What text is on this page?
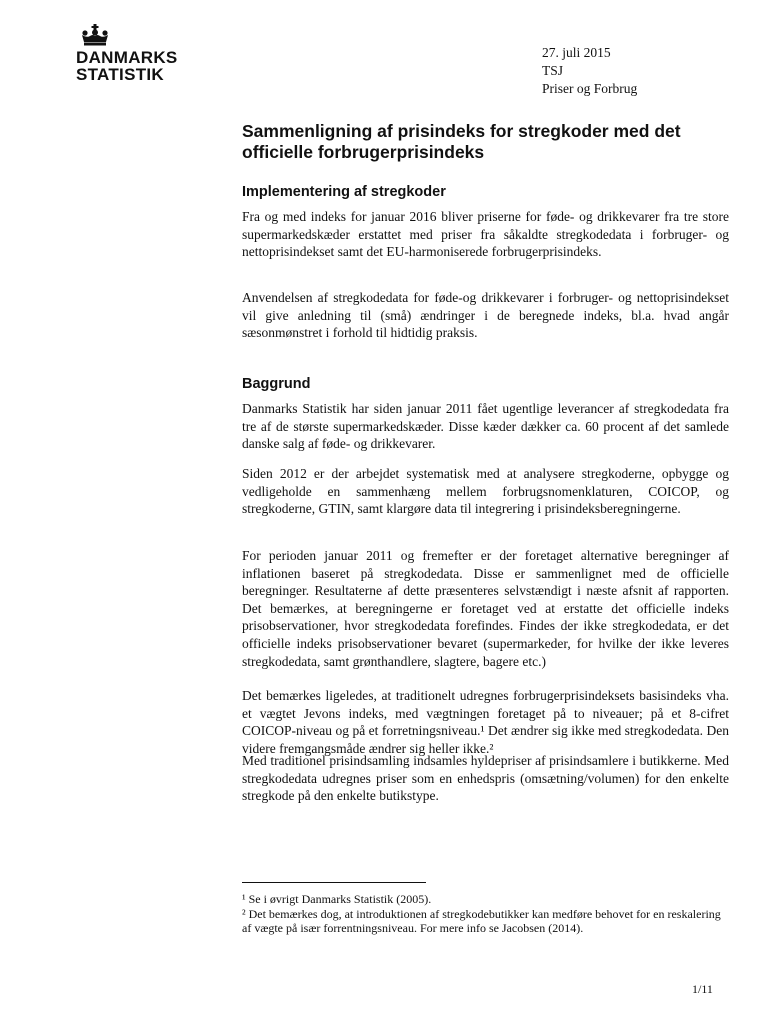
DANMARKS
STATISTIK
27. juli 2015
TSJ
Priser og Forbrug
Sammenligning af prisindeks for stregkoder med det officielle forbrugerprisindeks
Implementering af stregkoder

Fra og med indeks for januar 2016 bliver priserne for føde- og drikkevarer fra tre store supermarkedskæder erstattet med priser fra såkaldte stregkodedata i forbruger- og nettoprisindekset samt det EU-harmoniserede forbrugerprisindeks.

Anvendelsen af stregkodedata for føde-og drikkevarer i forbruger- og nettoprisindekset vil give anledning til (små) ændringer i de beregnede indeks, bl.a. hvad angår sæsonmønstret i forhold til hidtidig praksis.

Baggrund

Danmarks Statistik har siden januar 2011 fået ugentlige leverancer af stregkodedata fra tre af de største supermarkedskæder. Disse kæder dækker ca. 60 procent af det samlede danske salg af føde- og drikkevarer.

Siden 2012 er der arbejdet systematisk med at analysere stregkoderne, opbygge og vedligeholde en sammenhæng mellem forbrugsnomenklaturen, COICOP, og stregkoderne, GTIN, samt klargøre data til integrering i prisindeksberegningerne.

For perioden januar 2011 og fremefter er der foretaget alternative beregninger af inflationen baseret på stregkodedata. Disse er sammenlignet med de officielle beregninger. Resultaterne af dette præsenteres selvstændigt i næste afsnit af rapporten. Det bemærkes, at beregningerne er foretaget ved at erstatte det officielle indeks prisobservationer, hvor stregkodedata forefindes. Findes der ikke stregkodedata, er det officielle indeks prisobservationer bevaret (supermarkeder, for hvilke der ikke leveres stregkodedata, samt grønthandlere, slagtere, bagere etc.)

Det bemærkes ligeledes, at traditionelt udregnes forbrugerprisindeksets basisindeks vha. et vægtet Jevons indeks, med vægtningen foretaget på to niveauer; på et 8-cifret COICOP-niveau og på et forretningsniveau.¹ Det ændrer sig ikke med stregkodedata. Den videre fremgangsmåde ændrer sig heller ikke.²

Med traditionel prisindsamling indsamles hyldepriser af prisindsamlere i butikkerne. Med stregkodedata udregnes priser som en enhedspris (omsætning/volumen) for den enkelte stregkode på den enkelte butikstype.

¹ Se i øvrigt Danmarks Statistik (2005).

² Det bemærkes dog, at introduktionen af stregkodebutikker kan medføre behovet for en reskalering af vægte på især forrentningsniveau. For mere info se Jacobsen (2014).

1/11
